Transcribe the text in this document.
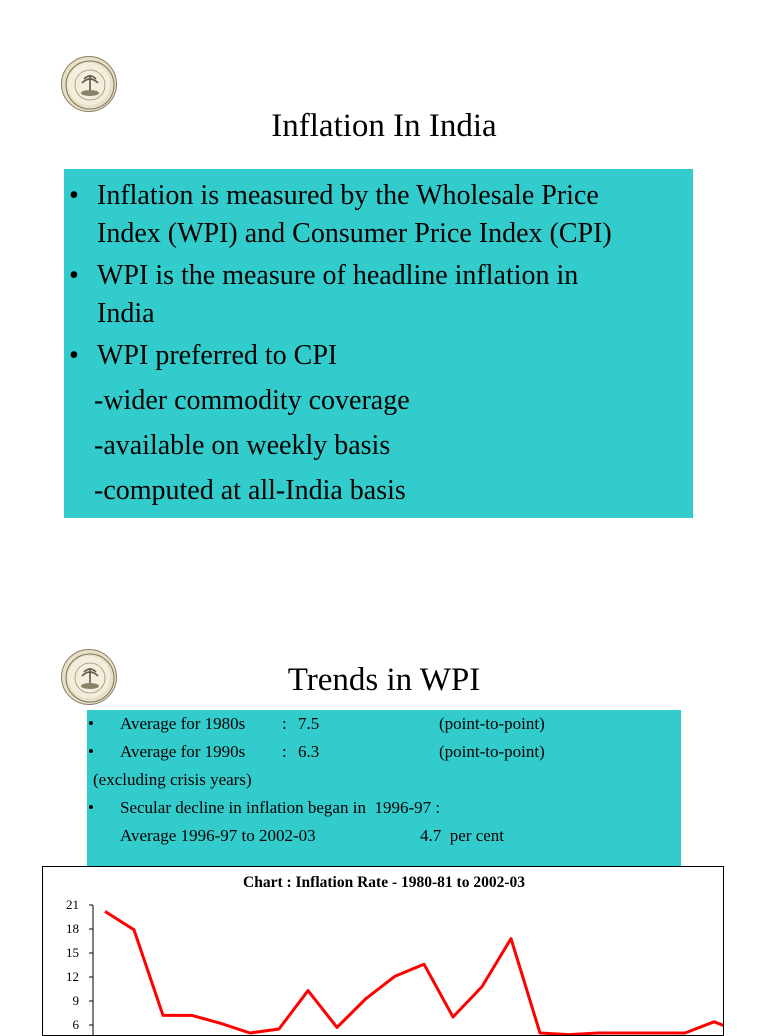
Inflation In India
• Inflation is measured by the Wholesale Price
Index (WPI) and Consumer Price Index (CPI)
• WPI is the measure of headline inflation in
India
• WPI preferred to CPI
-wider commodity coverage
-available on weekly basis
-computed at all-India basis
Trends in WPI
• Average for 1980s : 7.5	(point-to-point)
• Average for 1990s : 6.3	(point-to-point)
(excluding crisis years)
• Secular decline in inflation began in  1996-97 :
Average 1996-97 to 2002-03	4.7  per cent
Chart : Inflation Rate - 1980-81 to 2002-03
21
18
15
12
9
6
